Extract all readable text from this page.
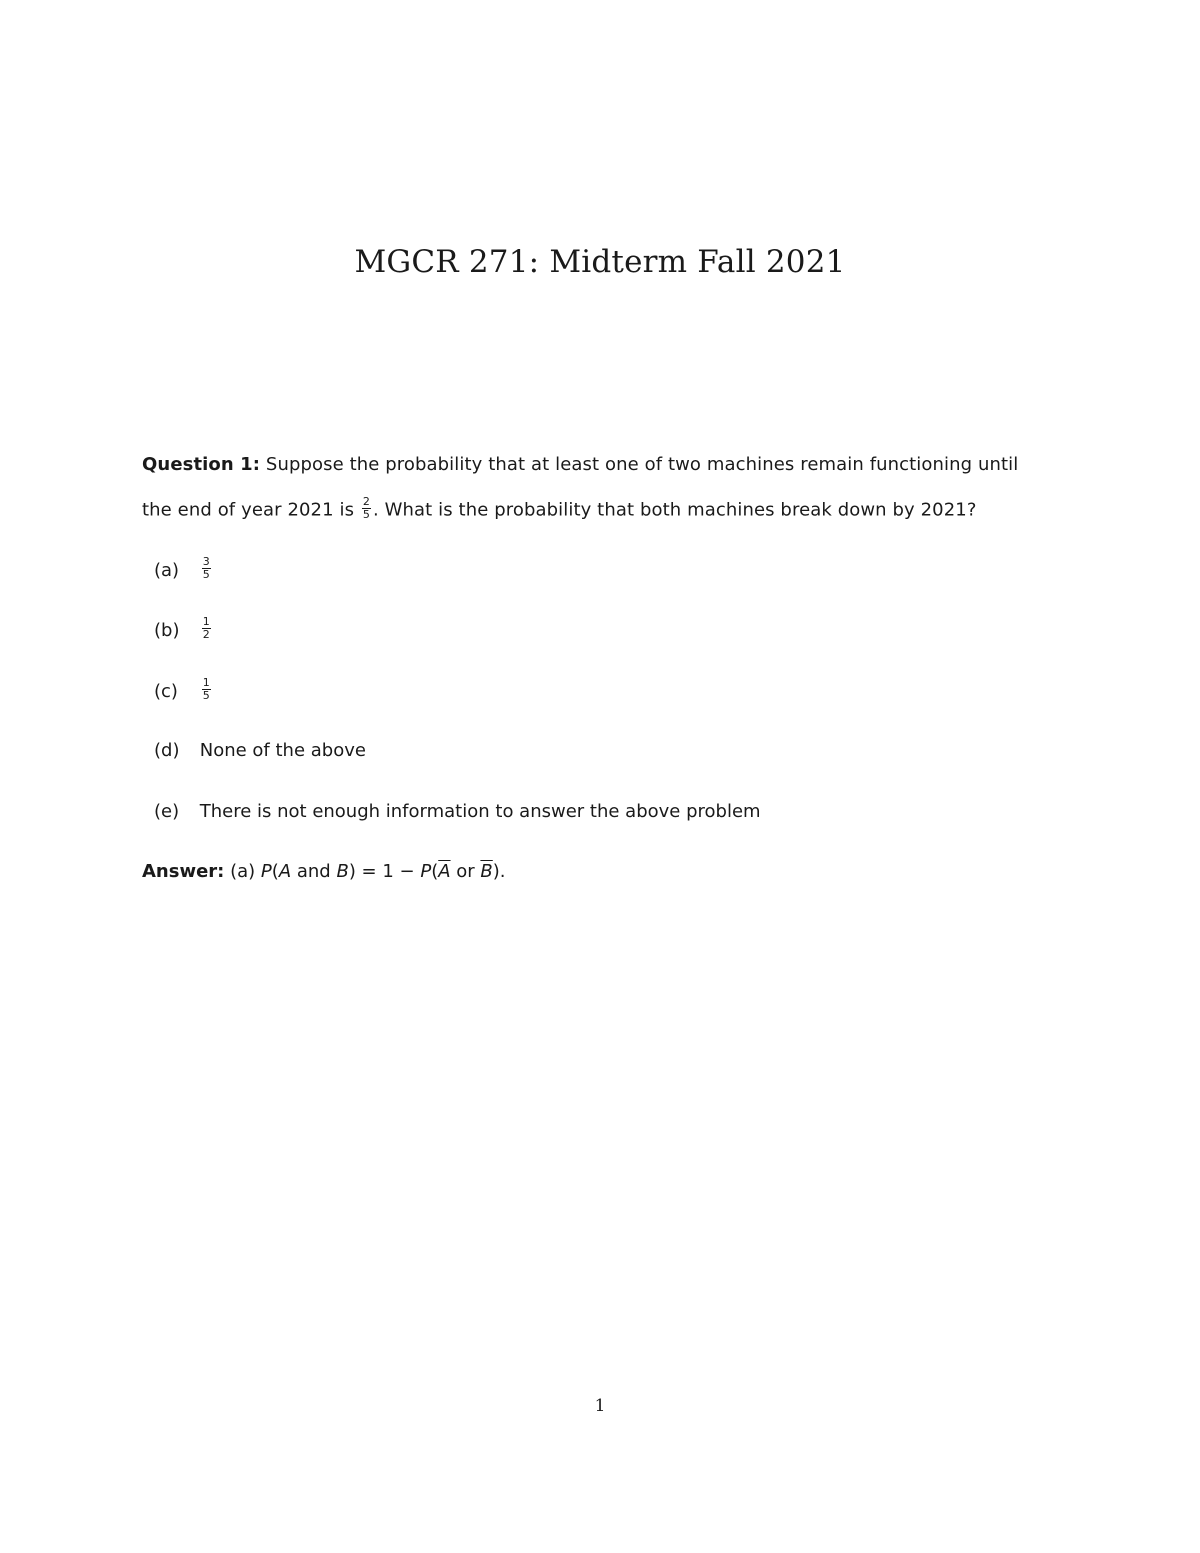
MGCR 271: Midterm Fall 2021
Question 1: Suppose the probability that at least one of two machines remain functioning until
the end of year 2021 is $\frac{2}{5}$ . What is the probability that both machines break down by 2021?
$(a) \frac{3}{5}$
$(b) \frac{1}{2}$
$(c) \frac{1}{5}$
(d) None of the above
(e) There is not enough information to answer the above problem
Answer: (a) P(A and $B) = 1 - P(\overline{A}$ or $\overline{B}$).
1
